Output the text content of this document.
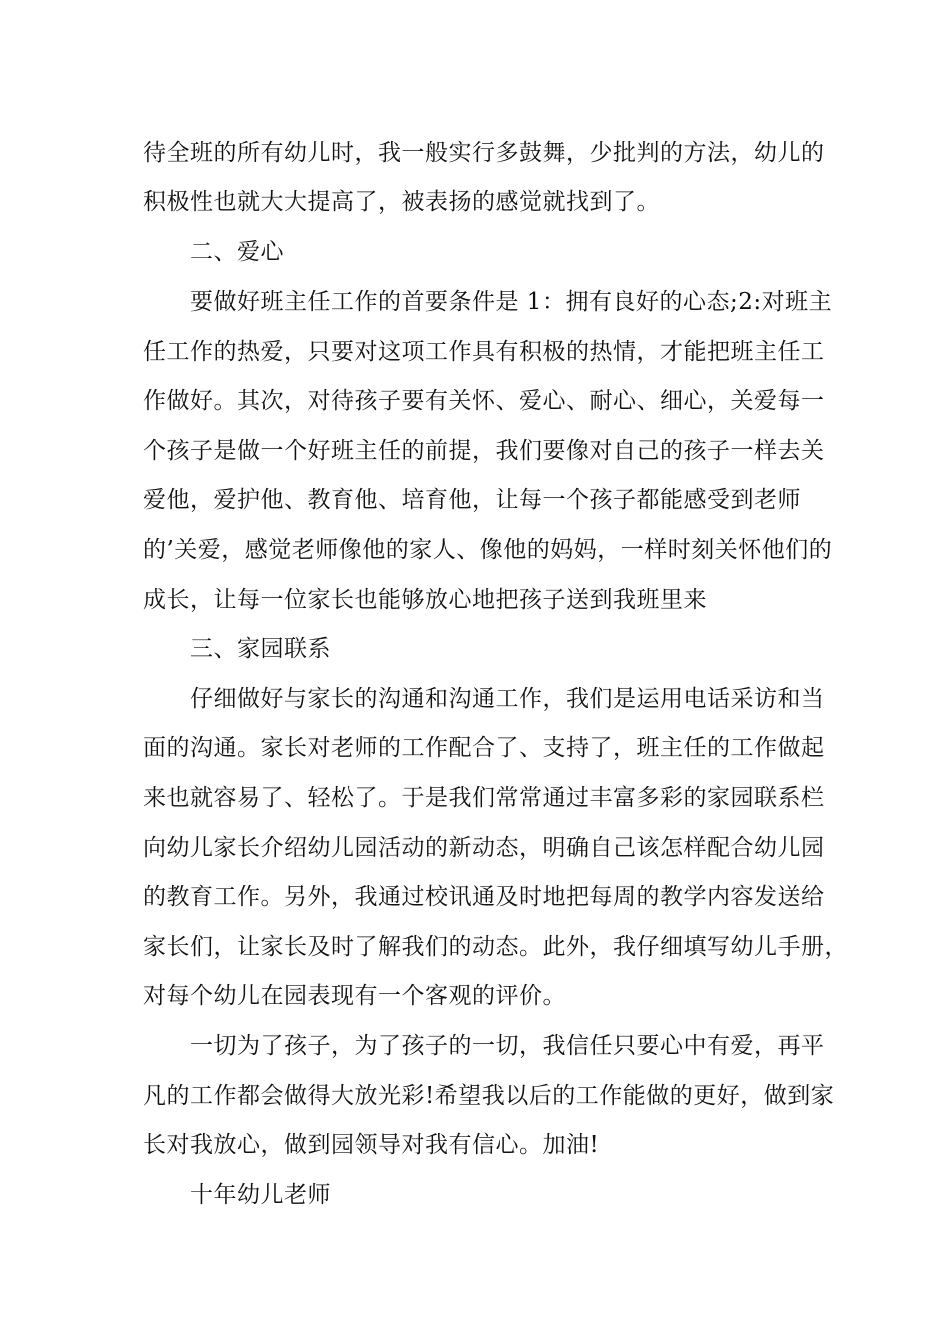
待全班的所有幼儿时，我一般实行多鼓舞，少批判的方法，幼儿的
积极性也就大大提高了，被表扬的感觉就找到了。
二、爱心
要做好班主任工作的首要条件是 1：拥有良好的心态;2:对班主
任工作的热爱，只要对这项工作具有积极的热情，才能把班主任工
作做好。其次，对待孩子要有关怀、爱心、耐心、细心，关爱每一
个孩子是做一个好班主任的前提，我们要像对自己的孩子一样去关
爱他，爱护他、教育他、培育他，让每一个孩子都能感受到老师
的’关爱，感觉老师像他的家人、像他的妈妈，一样时刻关怀他们的
成长，让每一位家长也能够放心地把孩子送到我班里来
三、家园联系
仔细做好与家长的沟通和沟通工作，我们是运用电话采访和当
面的沟通。家长对老师的工作配合了、支持了，班主任的工作做起
来也就容易了、轻松了。于是我们常常通过丰富多彩的家园联系栏
向幼儿家长介绍幼儿园活动的新动态，明确自己该怎样配合幼儿园
的教育工作。另外，我通过校讯通及时地把每周的教学内容发送给
家长们，让家长及时了解我们的动态。此外，我仔细填写幼儿手册，
对每个幼儿在园表现有一个客观的评价。
一切为了孩子，为了孩子的一切，我信任只要心中有爱，再平
凡的工作都会做得大放光彩!希望我以后的工作能做的更好，做到家
长对我放心，做到园领导对我有信心。加油!
十年幼儿老师
